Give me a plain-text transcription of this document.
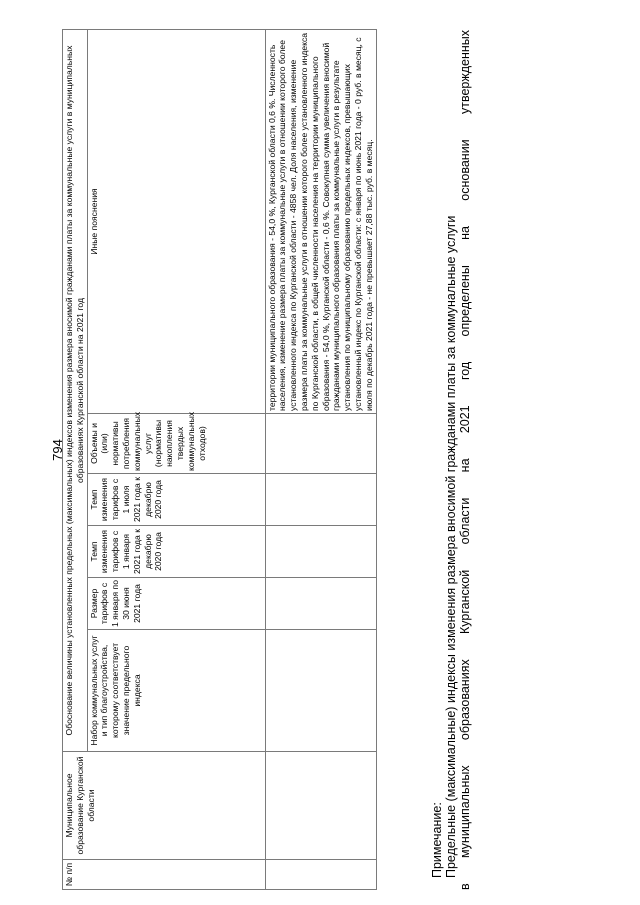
794
№ п/п	Муниципальное образование Курганской области	Обоснование величины установленных предельных (максимальных) индексов изменения размера вносимой гражданами платы за коммунальные услуги в муниципальных образованиях Курганской области на 2021 год					
		Набор коммунальных услуг и тип благоустройства, которому соответствует значение предельного индекса	Размер тарифов с 1 января по 30 июня 2021 года	Темп изменения тарифов с 1 января 2021 года к декабрю 2020 года	Темп изменения тарифов с 1 июля 2021 года к декабрю 2020 года	Объемы и (или) нормативы потребления коммунальных услуг (нормативы накопления твердых коммунальных отходов)	Иные пояснения
							территории муниципального образования - 54,0 %, Курганской области 0,6 %. Численность населения, изменение размера платы за коммунальные услуги в отношении которого более установленного индекса по Курганской области - 4858 чел. Доля населения, изменение размера платы за коммунальные услуги в отношении которого более установленного индекса по Курганской области, в общей численности населения на территории муниципального образования - 54,0 %, Курганской области - 0,6 %. Совокупная сумма увеличения вносимой гражданами муниципального образования платы за коммунальные услуги в результате установления по муниципальному образованию предельных индексов, превышающих установленный индекс по Курганской области: с января по июнь 2021 года - 0 руб. в месяц, с июля по декабрь 2021 года - не превышает 27,88 тыс. руб. в месяц.
Примечание: Предельные (максимальные) индексы изменения размера вносимой гражданами платы за коммунальные услуги в муниципальных образованиях Курганской области на 2021 год определены на основании утвержденных
